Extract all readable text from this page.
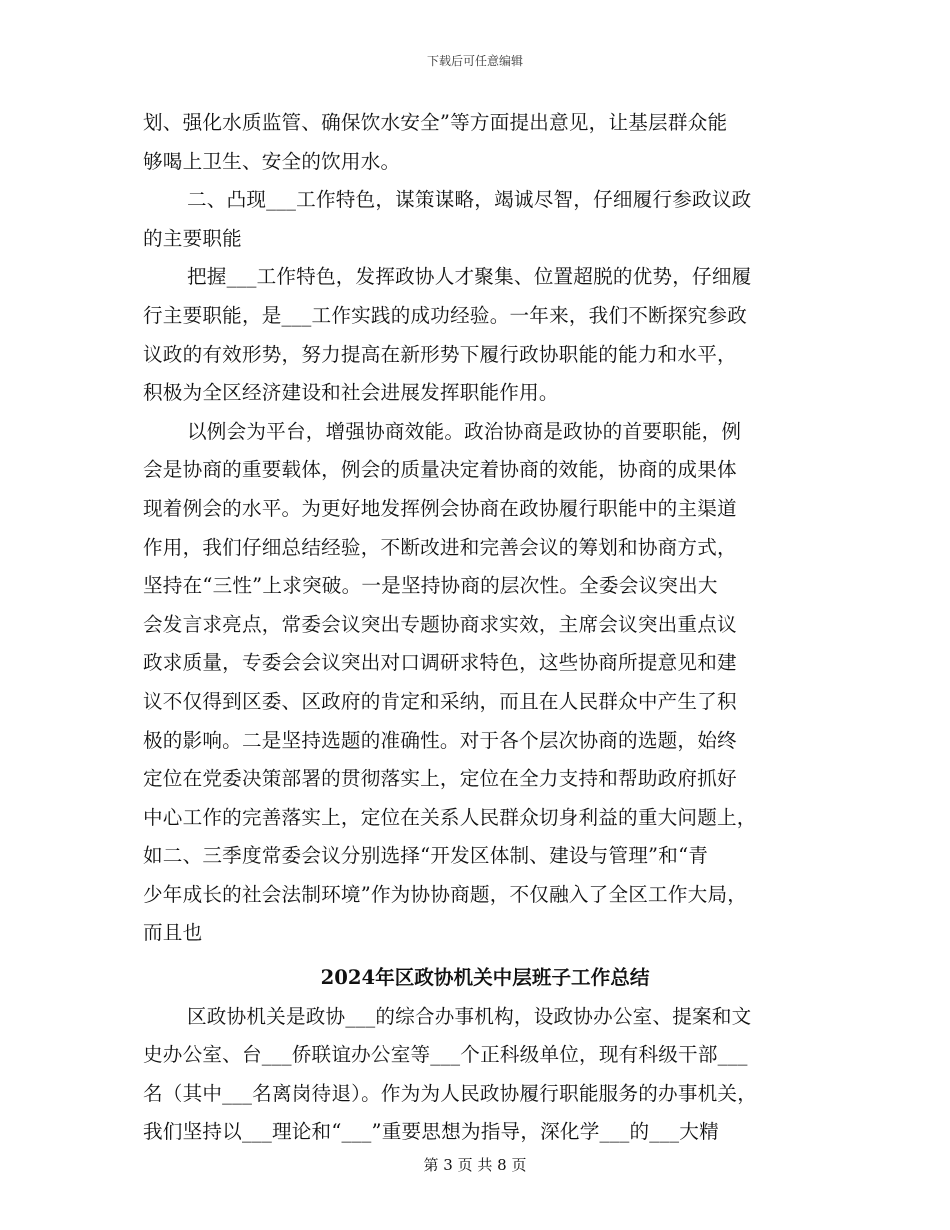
下载后可任意编辑
划、强化水质监管、确保饮水安全”等方面提出意见，让基层群众能
够喝上卫生、安全的饮用水。
二、凸现___工作特色，谋策谋略，竭诚尽智，仔细履行参政议政
的主要职能
把握___工作特色，发挥政协人才聚集、位置超脱的优势，仔细履
行主要职能，是___工作实践的成功经验。一年来，我们不断探究参政
议政的有效形势，努力提高在新形势下履行政协职能的能力和水平，
积极为全区经济建设和社会进展发挥职能作用。
以例会为平台，增强协商效能。政治协商是政协的首要职能，例
会是协商的重要载体，例会的质量决定着协商的效能，协商的成果体
现着例会的水平。为更好地发挥例会协商在政协履行职能中的主渠道
作用，我们仔细总结经验，不断改进和完善会议的筹划和协商方式，
坚持在“三性”上求突破。一是坚持协商的层次性。全委会议突出大
会发言求亮点，常委会议突出专题协商求实效，主席会议突出重点议
政求质量，专委会会议突出对口调研求特色，这些协商所提意见和建
议不仅得到区委、区政府的肯定和采纳，而且在人民群众中产生了积
极的影响。二是坚持选题的准确性。对于各个层次协商的选题，始终
定位在党委决策部署的贯彻落实上，定位在全力支持和帮助政府抓好
中心工作的完善落实上，定位在关系人民群众切身利益的重大问题上，
如二、三季度常委会议分别选择“开发区体制、建设与管理”和“青
少年成长的社会法制环境”作为协协商题，不仅融入了全区工作大局，
而且也
2024年区政协机关中层班子工作总结
区政协机关是政协___的综合办事机构，设政协办公室、提案和文
史办公室、台___侨联谊办公室等___个正科级单位，现有科级干部___
名（其中___名离岗待退）。作为为人民政协履行职能服务的办事机关，
我们坚持以___理论和“___”重要思想为指导，深化学___的___大精
第 3 页 共 8 页
